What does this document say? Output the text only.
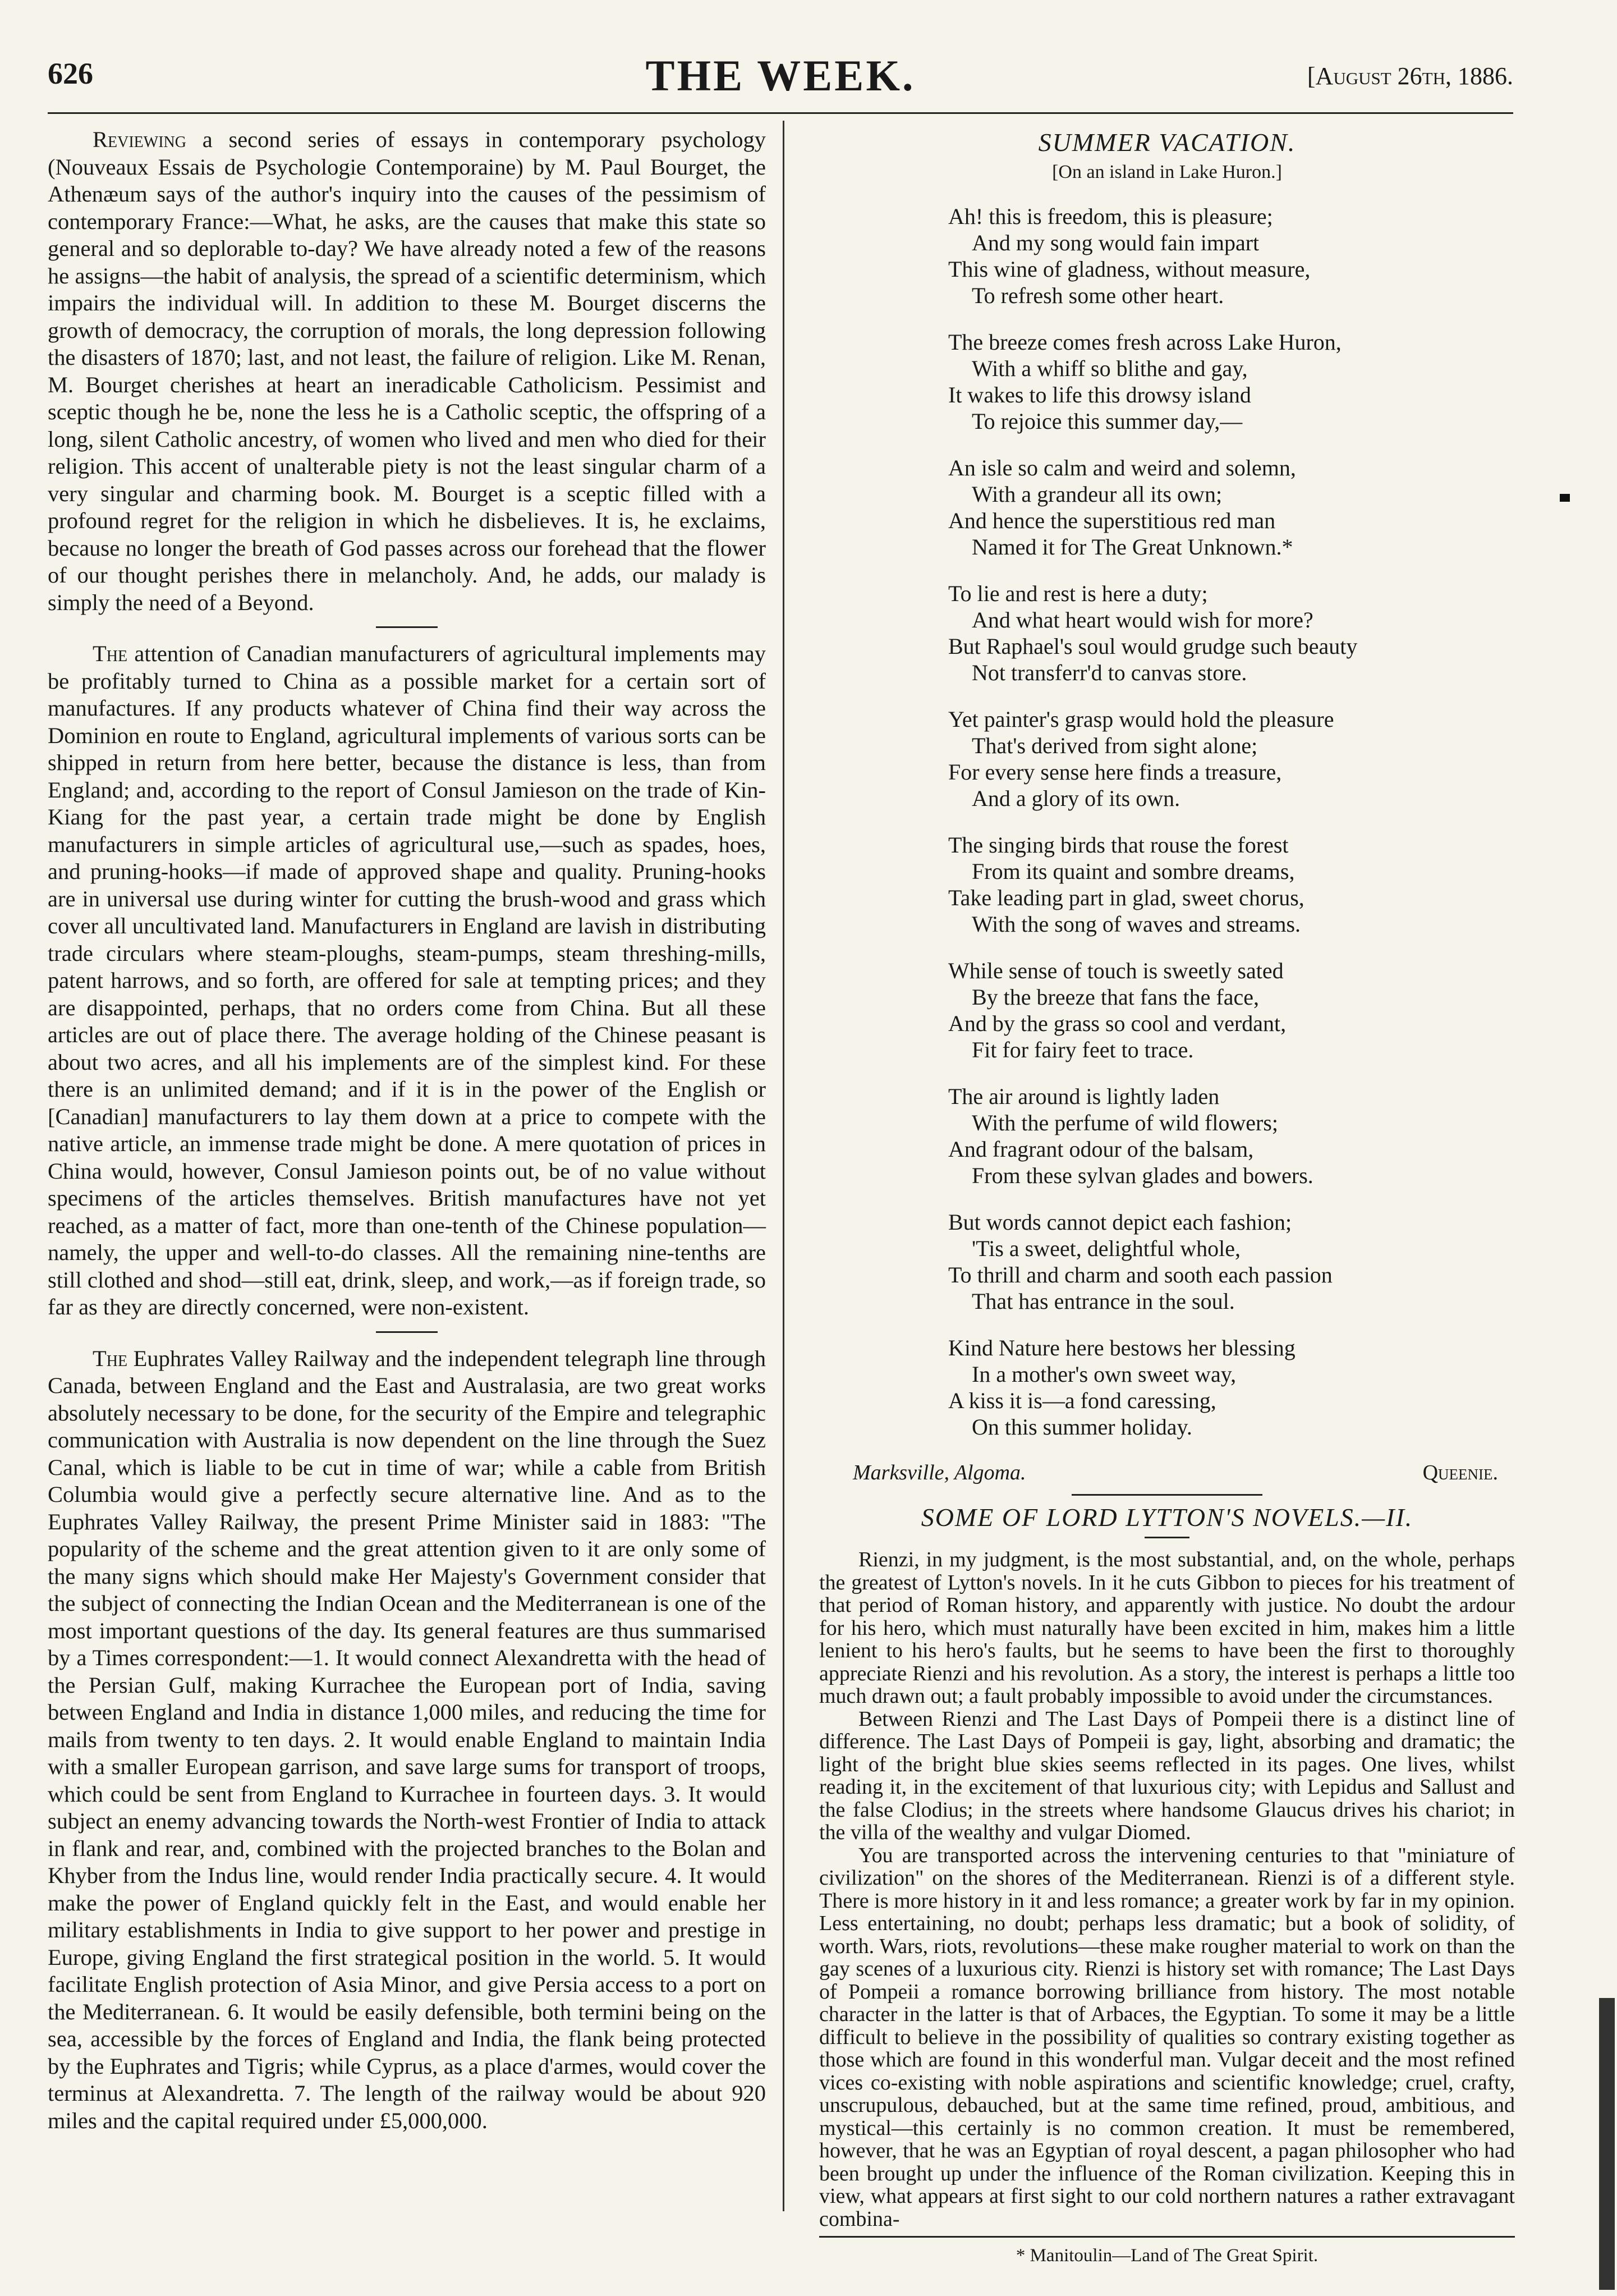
626	THE WEEK.	[August 26th, 1886.

Reviewing a second series of essays in contemporary psychology (Nouveaux Essais de Psychologie Contemporaine) by M. Paul Bourget, the Athenæum says of the author's inquiry into the causes of the pessimism of contemporary France:—What, he asks, are the causes that make this state so general and so deplorable to-day? We have already noted a few of the reasons he assigns—the habit of analysis, the spread of a scientific determinism, which impairs the individual will. In addition to these M. Bourget discerns the growth of democracy, the corruption of morals, the long depression following the disasters of 1870; last, and not least, the failure of religion. Like M. Renan, M. Bourget cherishes at heart an ineradicable Catholicism. Pessimist and sceptic though he be, none the less he is a Catholic sceptic, the offspring of a long, silent Catholic ancestry, of women who lived and men who died for their religion. This accent of unalterable piety is not the least singular charm of a very singular and charming book. M. Bourget is a sceptic filled with a profound regret for the religion in which he disbelieves. It is, he exclaims, because no longer the breath of God passes across our forehead that the flower of our thought perishes there in melancholy. And, he adds, our malady is simply the need of a Beyond.

The attention of Canadian manufacturers of agricultural implements may be profitably turned to China as a possible market for a certain sort of manufactures. If any products whatever of China find their way across the Dominion en route to England, agricultural implements of various sorts can be shipped in return from here better, because the distance is less, than from England; and, according to the report of Consul Jamieson on the trade of Kin-Kiang for the past year, a certain trade might be done by English manufacturers in simple articles of agricultural use,—such as spades, hoes, and pruning-hooks—if made of approved shape and quality. Pruning-hooks are in universal use during winter for cutting the brush-wood and grass which cover all uncultivated land. Manufacturers in England are lavish in distributing trade circulars where steam-ploughs, steam-pumps, steam threshing-mills, patent harrows, and so forth, are offered for sale at tempting prices; and they are disappointed, perhaps, that no orders come from China. But all these articles are out of place there. The average holding of the Chinese peasant is about two acres, and all his implements are of the simplest kind. For these there is an unlimited demand; and if it is in the power of the English or [Canadian] manufacturers to lay them down at a price to compete with the native article, an immense trade might be done. A mere quotation of prices in China would, however, Consul Jamieson points out, be of no value without specimens of the articles themselves. British manufactures have not yet reached, as a matter of fact, more than one-tenth of the Chinese population—namely, the upper and well-to-do classes. All the remaining nine-tenths are still clothed and shod—still eat, drink, sleep, and work,—as if foreign trade, so far as they are directly concerned, were non-existent.

The Euphrates Valley Railway and the independent telegraph line through Canada, between England and the East and Australasia, are two great works absolutely necessary to be done, for the security of the Empire and telegraphic communication with Australia is now dependent on the line through the Suez Canal, which is liable to be cut in time of war; while a cable from British Columbia would give a perfectly secure alternative line. And as to the Euphrates Valley Railway, the present Prime Minister said in 1883: "The popularity of the scheme and the great attention given to it are only some of the many signs which should make Her Majesty's Government consider that the subject of connecting the Indian Ocean and the Mediterranean is one of the most important questions of the day. Its general features are thus summarised by a Times correspondent:—1. It would connect Alexandretta with the head of the Persian Gulf, making Kurrachee the European port of India, saving between England and India in distance 1,000 miles, and reducing the time for mails from twenty to ten days. 2. It would enable England to maintain India with a smaller European garrison, and save large sums for transport of troops, which could be sent from England to Kurrachee in fourteen days. 3. It would subject an enemy advancing towards the North-west Frontier of India to attack in flank and rear, and, combined with the projected branches to the Bolan and Khyber from the Indus line, would render India practically secure. 4. It would make the power of England quickly felt in the East, and would enable her military establishments in India to give support to her power and prestige in Europe, giving England the first strategical position in the world. 5. It would facilitate English protection of Asia Minor, and give Persia access to a port on the Mediterranean. 6. It would be easily defensible, both termini being on the sea, accessible by the forces of England and India, the flank being protected by the Euphrates and Tigris; while Cyprus, as a place d'armes, would cover the terminus at Alexandretta. 7. The length of the railway would be about 920 miles and the capital required under £5,000,000.

SUMMER VACATION.
[On an island in Lake Huron.]
Ah! this is freedom, this is pleasure;
And my song would fain impart
This wine of gladness, without measure,
To refresh some other heart.
The breeze comes fresh across Lake Huron,
With a whiff so blithe and gay,
It wakes to life this drowsy island
To rejoice this summer day,—
An isle so calm and weird and solemn,
With a grandeur all its own;
And hence the superstitious red man
Named it for The Great Unknown.*
To lie and rest is here a duty;
And what heart would wish for more?
But Raphael's soul would grudge such beauty
Not transferr'd to canvas store.
Yet painter's grasp would hold the pleasure
That's derived from sight alone;
For every sense here finds a treasure,
And a glory of its own.
The singing birds that rouse the forest
From its quaint and sombre dreams,
Take leading part in glad, sweet chorus,
With the song of waves and streams.
While sense of touch is sweetly sated
By the breeze that fans the face,
And by the grass so cool and verdant,
Fit for fairy feet to trace.
The air around is lightly laden
With the perfume of wild flowers;
And fragrant odour of the balsam,
From these sylvan glades and bowers.
But words cannot depict each fashion;
'Tis a sweet, delightful whole,
To thrill and charm and sooth each passion
That has entrance in the soul.
Kind Nature here bestows her blessing
In a mother's own sweet way,
A kiss it is—a fond caressing,
On this summer holiday.
Marksville, Algoma.	Queenie.
SOME OF LORD LYTTON'S NOVELS.—II.

Rienzi, in my judgment, is the most substantial, and, on the whole, perhaps the greatest of Lytton's novels. In it he cuts Gibbon to pieces for his treatment of that period of Roman history, and apparently with justice. No doubt the ardour for his hero, which must naturally have been excited in him, makes him a little lenient to his hero's faults, but he seems to have been the first to thoroughly appreciate Rienzi and his revolution. As a story, the interest is perhaps a little too much drawn out; a fault probably impossible to avoid under the circumstances.

Between Rienzi and The Last Days of Pompeii there is a distinct line of difference. The Last Days of Pompeii is gay, light, absorbing and dramatic; the light of the bright blue skies seems reflected in its pages. One lives, whilst reading it, in the excitement of that luxurious city; with Lepidus and Sallust and the false Clodius; in the streets where handsome Glaucus drives his chariot; in the villa of the wealthy and vulgar Diomed.

You are transported across the intervening centuries to that "miniature of civilization" on the shores of the Mediterranean. Rienzi is of a different style. There is more history in it and less romance; a greater work by far in my opinion. Less entertaining, no doubt; perhaps less dramatic; but a book of solidity, of worth. Wars, riots, revolutions—these make rougher material to work on than the gay scenes of a luxurious city. Rienzi is history set with romance; The Last Days of Pompeii a romance borrowing brilliance from history. The most notable character in the latter is that of Arbaces, the Egyptian. To some it may be a little difficult to believe in the possibility of qualities so contrary existing together as those which are found in this wonderful man. Vulgar deceit and the most refined vices co-existing with noble aspirations and scientific knowledge; cruel, crafty, unscrupulous, debauched, but at the same time refined, proud, ambitious, and mystical—this certainly is no common creation. It must be remembered, however, that he was an Egyptian of royal descent, a pagan philosopher who had been brought up under the influence of the Roman civilization. Keeping this in view, what appears at first sight to our cold northern natures a rather extravagant combina-

* Manitoulin—Land of The Great Spirit.
